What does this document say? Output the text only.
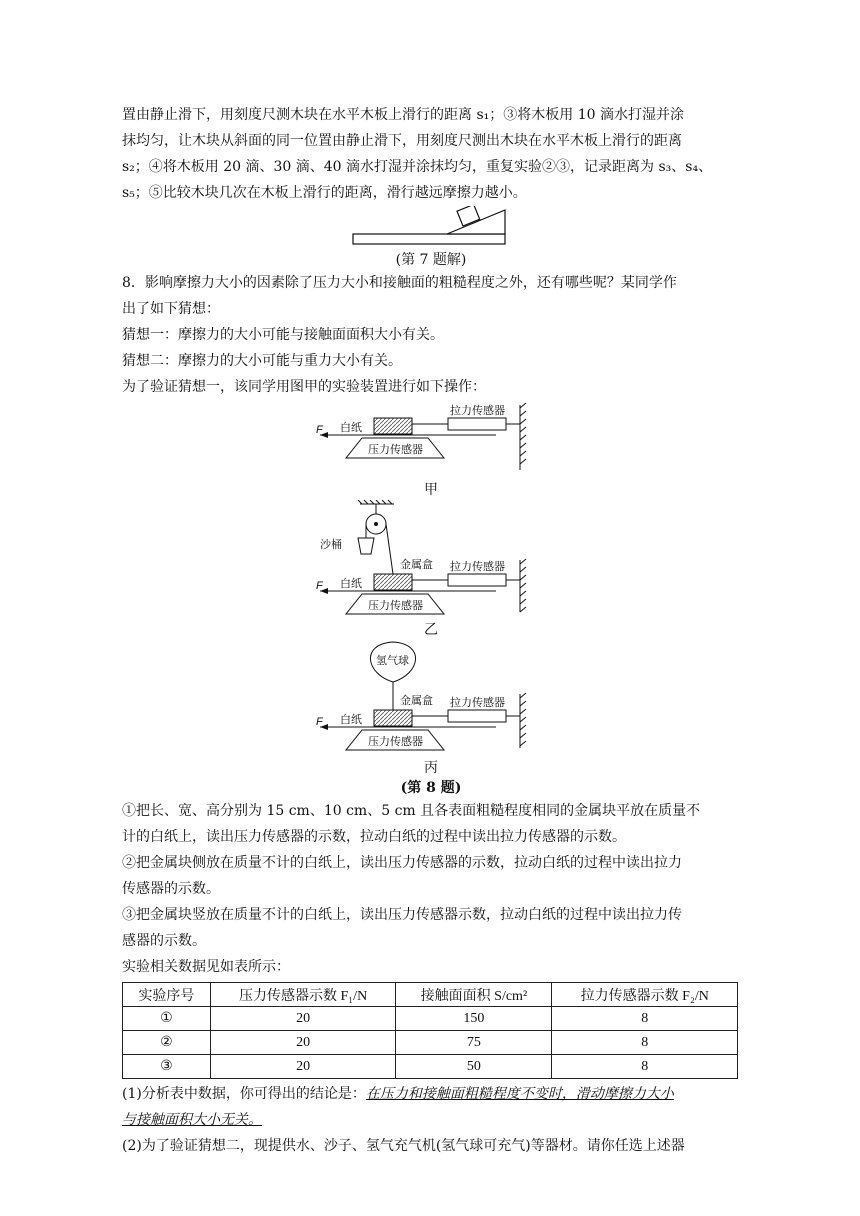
置由静止滑下，用刻度尺测木块在水平木板上滑行的距离 s₁；③将木板用 10 滴水打湿并涂

抹均匀，让木块从斜面的同一位置由静止滑下，用刻度尺测出木块在水平木板上滑行的距离

s₂；④将木板用 20 滴、30 滴、40 滴水打湿并涂抹均匀，重复实验②③，记录距离为 s₃、s₄、

s₅；⑤比较木块几次在木板上滑行的距离，滑行越远摩擦力越小。

(第 7 题解)

8．影响摩擦力大小的因素除了压力大小和接触面的粗糙程度之外，还有哪些呢？某同学作

出了如下猜想：

猜想一：摩擦力的大小可能与接触面面积大小有关。

猜想二：摩擦力的大小可能与重力大小有关。

为了验证猜想一，该同学用图甲的实验装置进行如下操作：

F 白纸
拉力传感器
压力传感器
甲
沙桶
金属盒
F 白纸
拉力传感器
压力传感器
乙
氢气球
金属盒
F 白纸
拉力传感器
压力传感器
丙
(第 8 题)

①把长、宽、高分别为 15 cm、10 cm、5 cm 且各表面粗糙程度相同的金属块平放在质量不

计的白纸上，读出压力传感器的示数，拉动白纸的过程中读出拉力传感器的示数。

②把金属块侧放在质量不计的白纸上，读出压力传感器的示数，拉动白纸的过程中读出拉力

传感器的示数。

③把金属块竖放在质量不计的白纸上，读出压力传感器示数，拉动白纸的过程中读出拉力传

感器的示数。

实验相关数据见如表所示：

实验序号	压力传感器示数 F₁/N	接触面面积 S/cm²	拉力传感器示数 F₂/N
①	20	150	8
②	20	75	8
③	20	50	8

(1)分析表中数据，你可得出的结论是：在压力和接触面粗糙程度不变时，滑动摩擦力大小

与接触面积大小无关。

(2)为了验证猜想二，现提供水、沙子、氢气充气机(氢气球可充气)等器材。请你任选上述器
